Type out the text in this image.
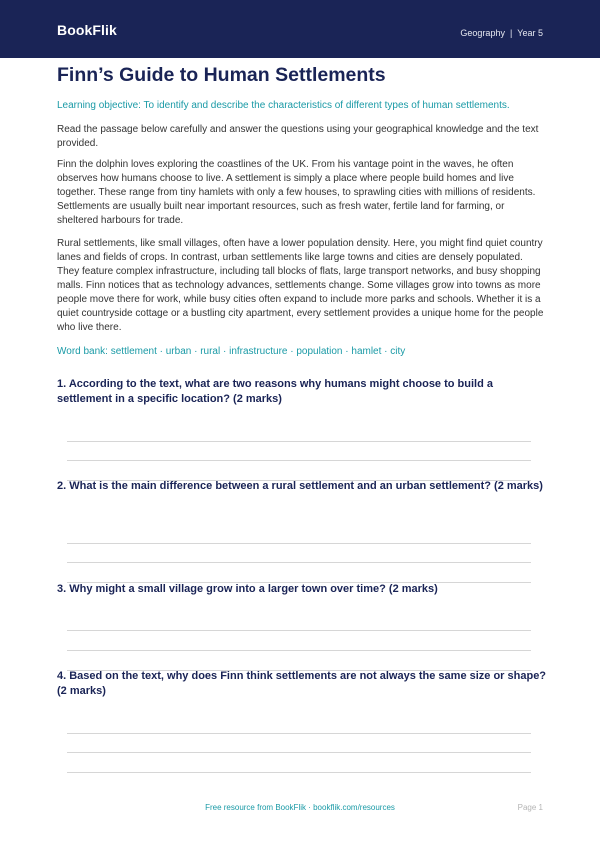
BookFlik	Geography | Year 5
Finn’s Guide to Human Settlements
Learning objective: To identify and describe the characteristics of different types of human settlements.

Read the passage below carefully and answer the questions using your geographical knowledge and the text provided.

Finn the dolphin loves exploring the coastlines of the UK. From his vantage point in the waves, he often observes how humans choose to live. A settlement is simply a place where people build homes and live together. These range from tiny hamlets with only a few houses, to sprawling cities with millions of residents. Settlements are usually built near important resources, such as fresh water, fertile land for farming, or sheltered harbours for trade.

Rural settlements, like small villages, often have a lower population density. Here, you might find quiet country lanes and fields of crops. In contrast, urban settlements like large towns and cities are densely populated. They feature complex infrastructure, including tall blocks of flats, large transport networks, and busy shopping malls. Finn notices that as technology advances, settlements change. Some villages grow into towns as more people move there for work, while busy cities often expand to include more parks and schools. Whether it is a quiet countryside cottage or a bustling city apartment, every settlement provides a unique home for the people who live there.

Word bank: settlement · urban · rural · infrastructure · population · hamlet · city

1. According to the text, what are two reasons why humans might choose to build a settlement in a specific location? (2 marks)

2. What is the main difference between a rural settlement and an urban settlement? (2 marks)

3. Why might a small village grow into a larger town over time? (2 marks)

4. Based on the text, why does Finn think settlements are not always the same size or shape? (2 marks)

Free resource from BookFlik · bookflik.com/resources	Page 1
